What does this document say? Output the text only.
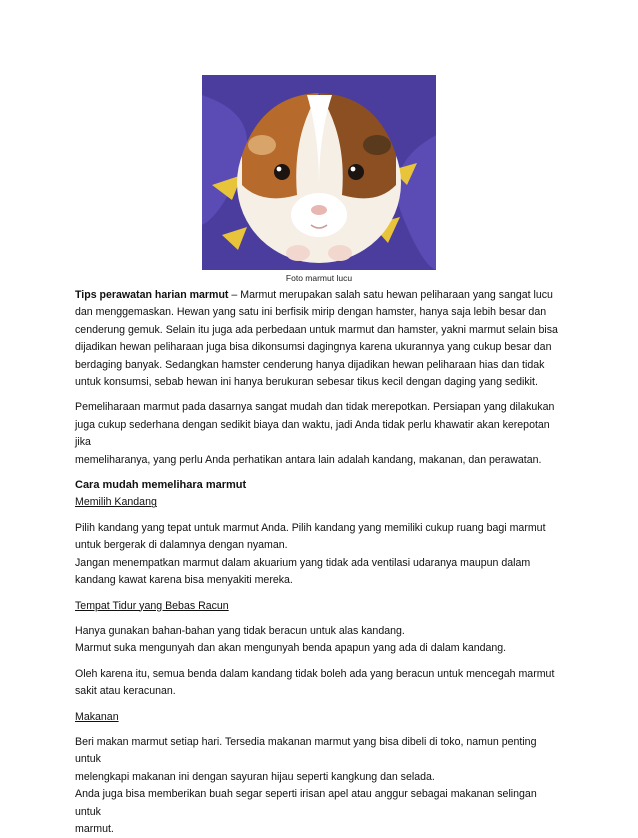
Foto marmut lucu

Tips perawatan harian marmut – Marmut merupakan salah satu hewan peliharaan yang sangat lucu
dan menggemaskan. Hewan yang satu ini berfisik mirip dengan hamster, hanya saja lebih besar dan
cenderung gemuk. Selain itu juga ada perbedaan untuk marmut dan hamster, yakni marmut selain bisa
dijadikan hewan peliharaan juga bisa dikonsumsi dagingnya karena ukurannya yang cukup besar dan
berdaging banyak. Sedangkan hamster cenderung hanya dijadikan hewan peliharaan hias dan tidak
untuk konsumsi, sebab hewan ini hanya berukuran sebesar tikus kecil dengan daging yang sedikit.

Pemeliharaan marmut pada dasarnya sangat mudah dan tidak merepotkan. Persiapan yang dilakukan
juga cukup sederhana dengan sedikit biaya dan waktu, jadi Anda tidak perlu khawatir akan kerepotan jika
memeliharanya, yang perlu Anda perhatikan antara lain adalah kandang, makanan, dan perawatan.

Cara mudah memelihara marmut

Memilih Kandang

Pilih kandang yang tepat untuk marmut Anda. Pilih kandang yang memiliki cukup ruang bagi marmut
untuk bergerak di dalamnya dengan nyaman.
Jangan menempatkan marmut dalam akuarium yang tidak ada ventilasi udaranya maupun dalam
kandang kawat karena bisa menyakiti mereka.

Tempat Tidur yang Bebas Racun

Hanya gunakan bahan-bahan yang tidak beracun untuk alas kandang.
Marmut suka mengunyah dan akan mengunyah benda apapun yang ada di dalam kandang.

Oleh karena itu, semua benda dalam kandang tidak boleh ada yang beracun untuk mencegah marmut
sakit atau keracunan.

Makanan

Beri makan marmut setiap hari. Tersedia makanan marmut yang bisa dibeli di toko, namun penting untuk
melengkapi makanan ini dengan sayuran hijau seperti kangkung dan selada.
Anda juga bisa memberikan buah segar seperti irisan apel atau anggur sebagai makanan selingan untuk
marmut.
